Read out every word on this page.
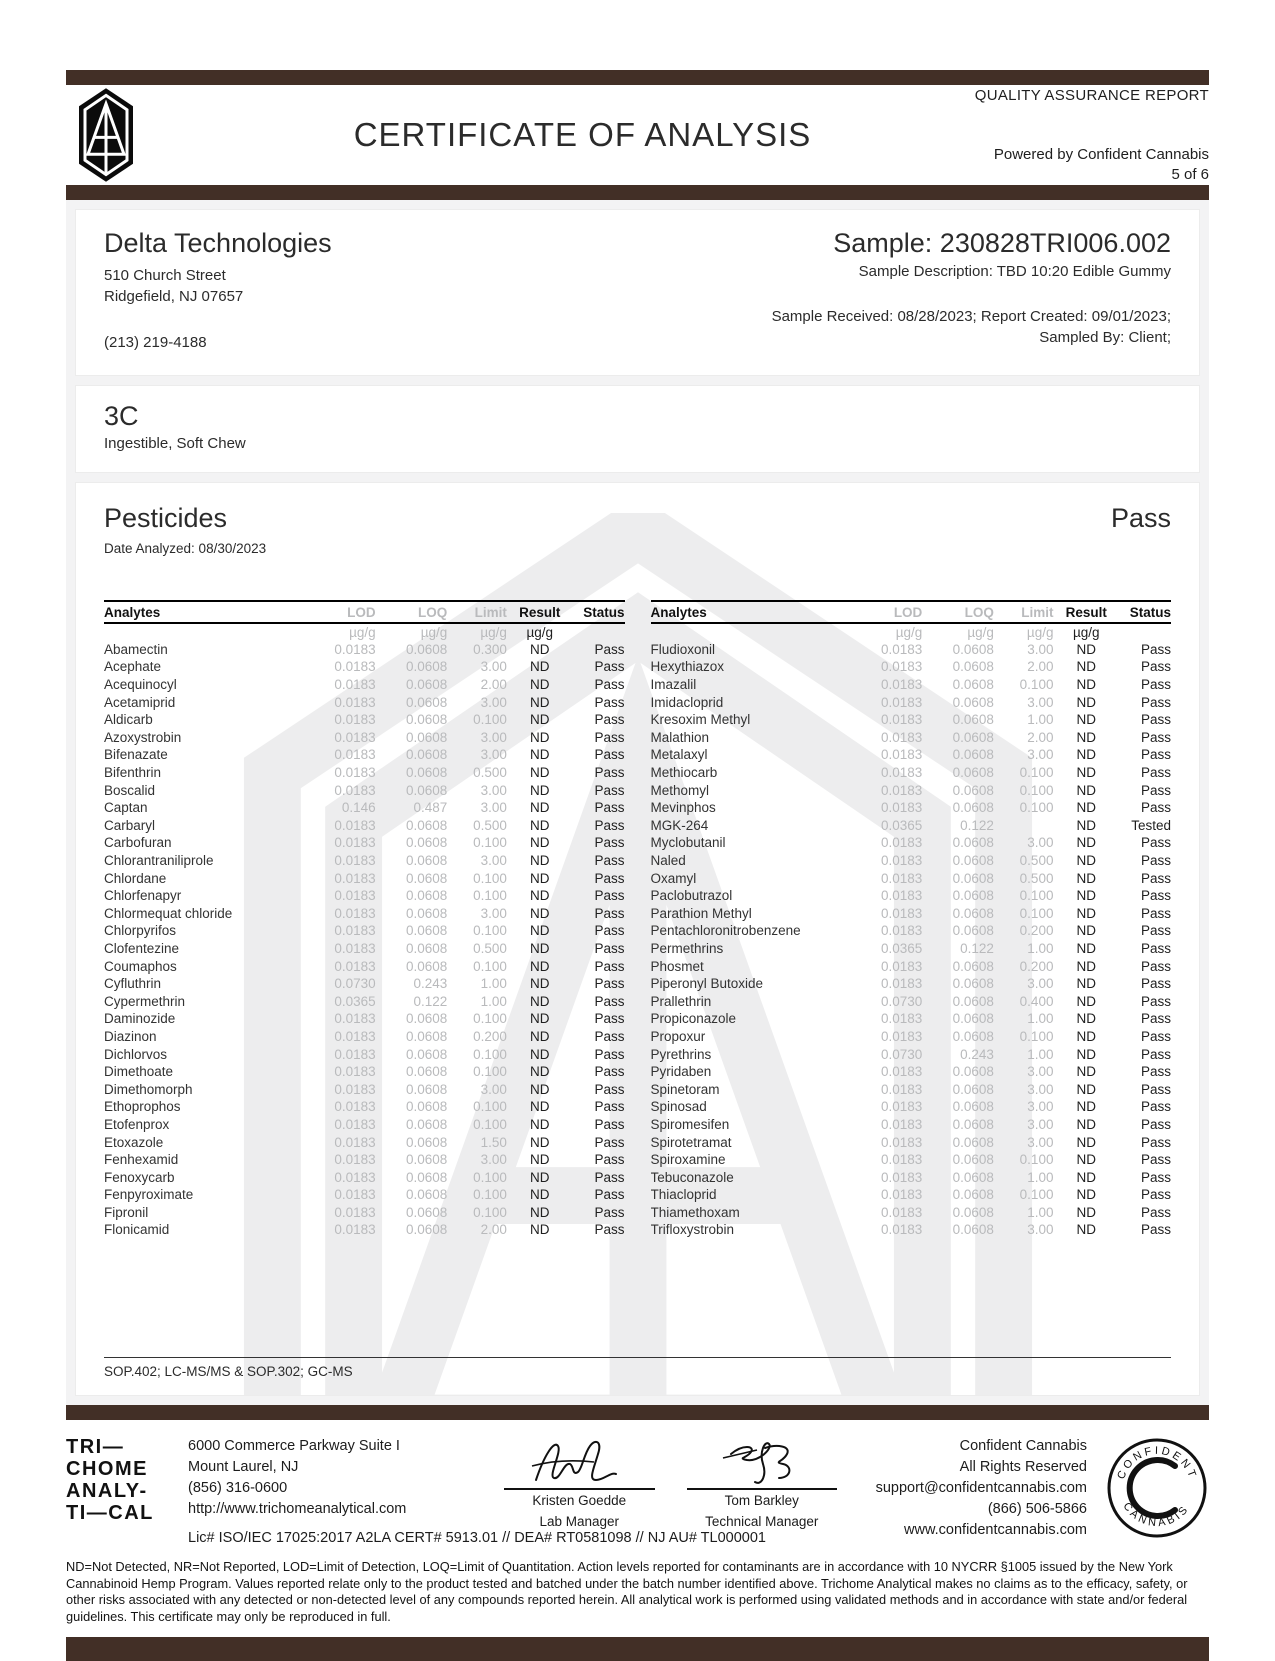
CERTIFICATE OF ANALYSIS
QUALITY ASSURANCE REPORT
Powered by Confident Cannabis
5 of 6
Delta Technologies
510 Church Street
Ridgefield, NJ 07657
(213) 219-4188
Sample: 230828TRI006.002
Sample Description: TBD 10:20 Edible Gummy
Sample Received: 08/28/2023; Report Created: 09/01/2023;
Sampled By: Client;
3C
Ingestible, Soft Chew
Pesticides	Pass
Date Analyzed: 08/30/2023
Analytes	LOD	LOQ	Limit	Result	Status
	µg/g	µg/g	µg/g	µg/g	
Abamectin	0.0183	0.0608	0.300	ND	Pass
Acephate	0.0183	0.0608	3.00	ND	Pass
Acequinocyl	0.0183	0.0608	2.00	ND	Pass
Acetamiprid	0.0183	0.0608	3.00	ND	Pass
Aldicarb	0.0183	0.0608	0.100	ND	Pass
Azoxystrobin	0.0183	0.0608	3.00	ND	Pass
Bifenazate	0.0183	0.0608	3.00	ND	Pass
Bifenthrin	0.0183	0.0608	0.500	ND	Pass
Boscalid	0.0183	0.0608	3.00	ND	Pass
Captan	0.146	0.487	3.00	ND	Pass
Carbaryl	0.0183	0.0608	0.500	ND	Pass
Carbofuran	0.0183	0.0608	0.100	ND	Pass
Chlorantraniliprole	0.0183	0.0608	3.00	ND	Pass
Chlordane	0.0183	0.0608	0.100	ND	Pass
Chlorfenapyr	0.0183	0.0608	0.100	ND	Pass
Chlormequat chloride	0.0183	0.0608	3.00	ND	Pass
Chlorpyrifos	0.0183	0.0608	0.100	ND	Pass
Clofentezine	0.0183	0.0608	0.500	ND	Pass
Coumaphos	0.0183	0.0608	0.100	ND	Pass
Cyfluthrin	0.0730	0.243	1.00	ND	Pass
Cypermethrin	0.0365	0.122	1.00	ND	Pass
Daminozide	0.0183	0.0608	0.100	ND	Pass
Diazinon	0.0183	0.0608	0.200	ND	Pass
Dichlorvos	0.0183	0.0608	0.100	ND	Pass
Dimethoate	0.0183	0.0608	0.100	ND	Pass
Dimethomorph	0.0183	0.0608	3.00	ND	Pass
Ethoprophos	0.0183	0.0608	0.100	ND	Pass
Etofenprox	0.0183	0.0608	0.100	ND	Pass
Etoxazole	0.0183	0.0608	1.50	ND	Pass
Fenhexamid	0.0183	0.0608	3.00	ND	Pass
Fenoxycarb	0.0183	0.0608	0.100	ND	Pass
Fenpyroximate	0.0183	0.0608	0.100	ND	Pass
Fipronil	0.0183	0.0608	0.100	ND	Pass
Flonicamid	0.0183	0.0608	2.00	ND	Pass
Analytes	LOD	LOQ	Limit	Result	Status
	µg/g	µg/g	µg/g	µg/g	
Fludioxonil	0.0183	0.0608	3.00	ND	Pass
Hexythiazox	0.0183	0.0608	2.00	ND	Pass
Imazalil	0.0183	0.0608	0.100	ND	Pass
Imidacloprid	0.0183	0.0608	3.00	ND	Pass
Kresoxim Methyl	0.0183	0.0608	1.00	ND	Pass
Malathion	0.0183	0.0608	2.00	ND	Pass
Metalaxyl	0.0183	0.0608	3.00	ND	Pass
Methiocarb	0.0183	0.0608	0.100	ND	Pass
Methomyl	0.0183	0.0608	0.100	ND	Pass
Mevinphos	0.0183	0.0608	0.100	ND	Pass
MGK-264	0.0365	0.122		ND	Tested
Myclobutanil	0.0183	0.0608	3.00	ND	Pass
Naled	0.0183	0.0608	0.500	ND	Pass
Oxamyl	0.0183	0.0608	0.500	ND	Pass
Paclobutrazol	0.0183	0.0608	0.100	ND	Pass
Parathion Methyl	0.0183	0.0608	0.100	ND	Pass
Pentachloronitrobenzene	0.0183	0.0608	0.200	ND	Pass
Permethrins	0.0365	0.122	1.00	ND	Pass
Phosmet	0.0183	0.0608	0.200	ND	Pass
Piperonyl Butoxide	0.0183	0.0608	3.00	ND	Pass
Prallethrin	0.0730	0.0608	0.400	ND	Pass
Propiconazole	0.0183	0.0608	1.00	ND	Pass
Propoxur	0.0183	0.0608	0.100	ND	Pass
Pyrethrins	0.0730	0.243	1.00	ND	Pass
Pyridaben	0.0183	0.0608	3.00	ND	Pass
Spinetoram	0.0183	0.0608	3.00	ND	Pass
Spinosad	0.0183	0.0608	3.00	ND	Pass
Spiromesifen	0.0183	0.0608	3.00	ND	Pass
Spirotetramat	0.0183	0.0608	3.00	ND	Pass
Spiroxamine	0.0183	0.0608	0.100	ND	Pass
Tebuconazole	0.0183	0.0608	1.00	ND	Pass
Thiacloprid	0.0183	0.0608	0.100	ND	Pass
Thiamethoxam	0.0183	0.0608	1.00	ND	Pass
Trifloxystrobin	0.0183	0.0608	3.00	ND	Pass
SOP.402; LC-MS/MS & SOP.302; GC-MS
TRI—
CHOME
ANALY-
TI—CAL
6000 Commerce Parkway Suite I
Mount Laurel, NJ
(856) 316-0600
http://www.trichomeanalytical.com
Kristen Goedde
Lab Manager
Tom Barkley
Technical Manager
Lic# ISO/IEC 17025:2017 A2LA CERT# 5913.01 // DEA# RT0581098 // NJ AU# TL000001
Confident Cannabis
All Rights Reserved
support@confidentcannabis.com
(866) 506-5866
www.confidentcannabis.com
CONFIDENT
CANNABIS
ND=Not Detected, NR=Not Reported, LOD=Limit of Detection, LOQ=Limit of Quantitation. Action levels reported for contaminants are in accordance with 10 NYCRR §1005 issued by the New York Cannabinoid Hemp Program. Values reported relate only to the product tested and batched under the batch number identified above. Trichome Analytical makes no claims as to the efficacy, safety, or other risks associated with any detected or non-detected level of any compounds reported herein. All analytical work is performed using validated methods and in accordance with state and/or federal guidelines. This certificate may only be reproduced in full.
